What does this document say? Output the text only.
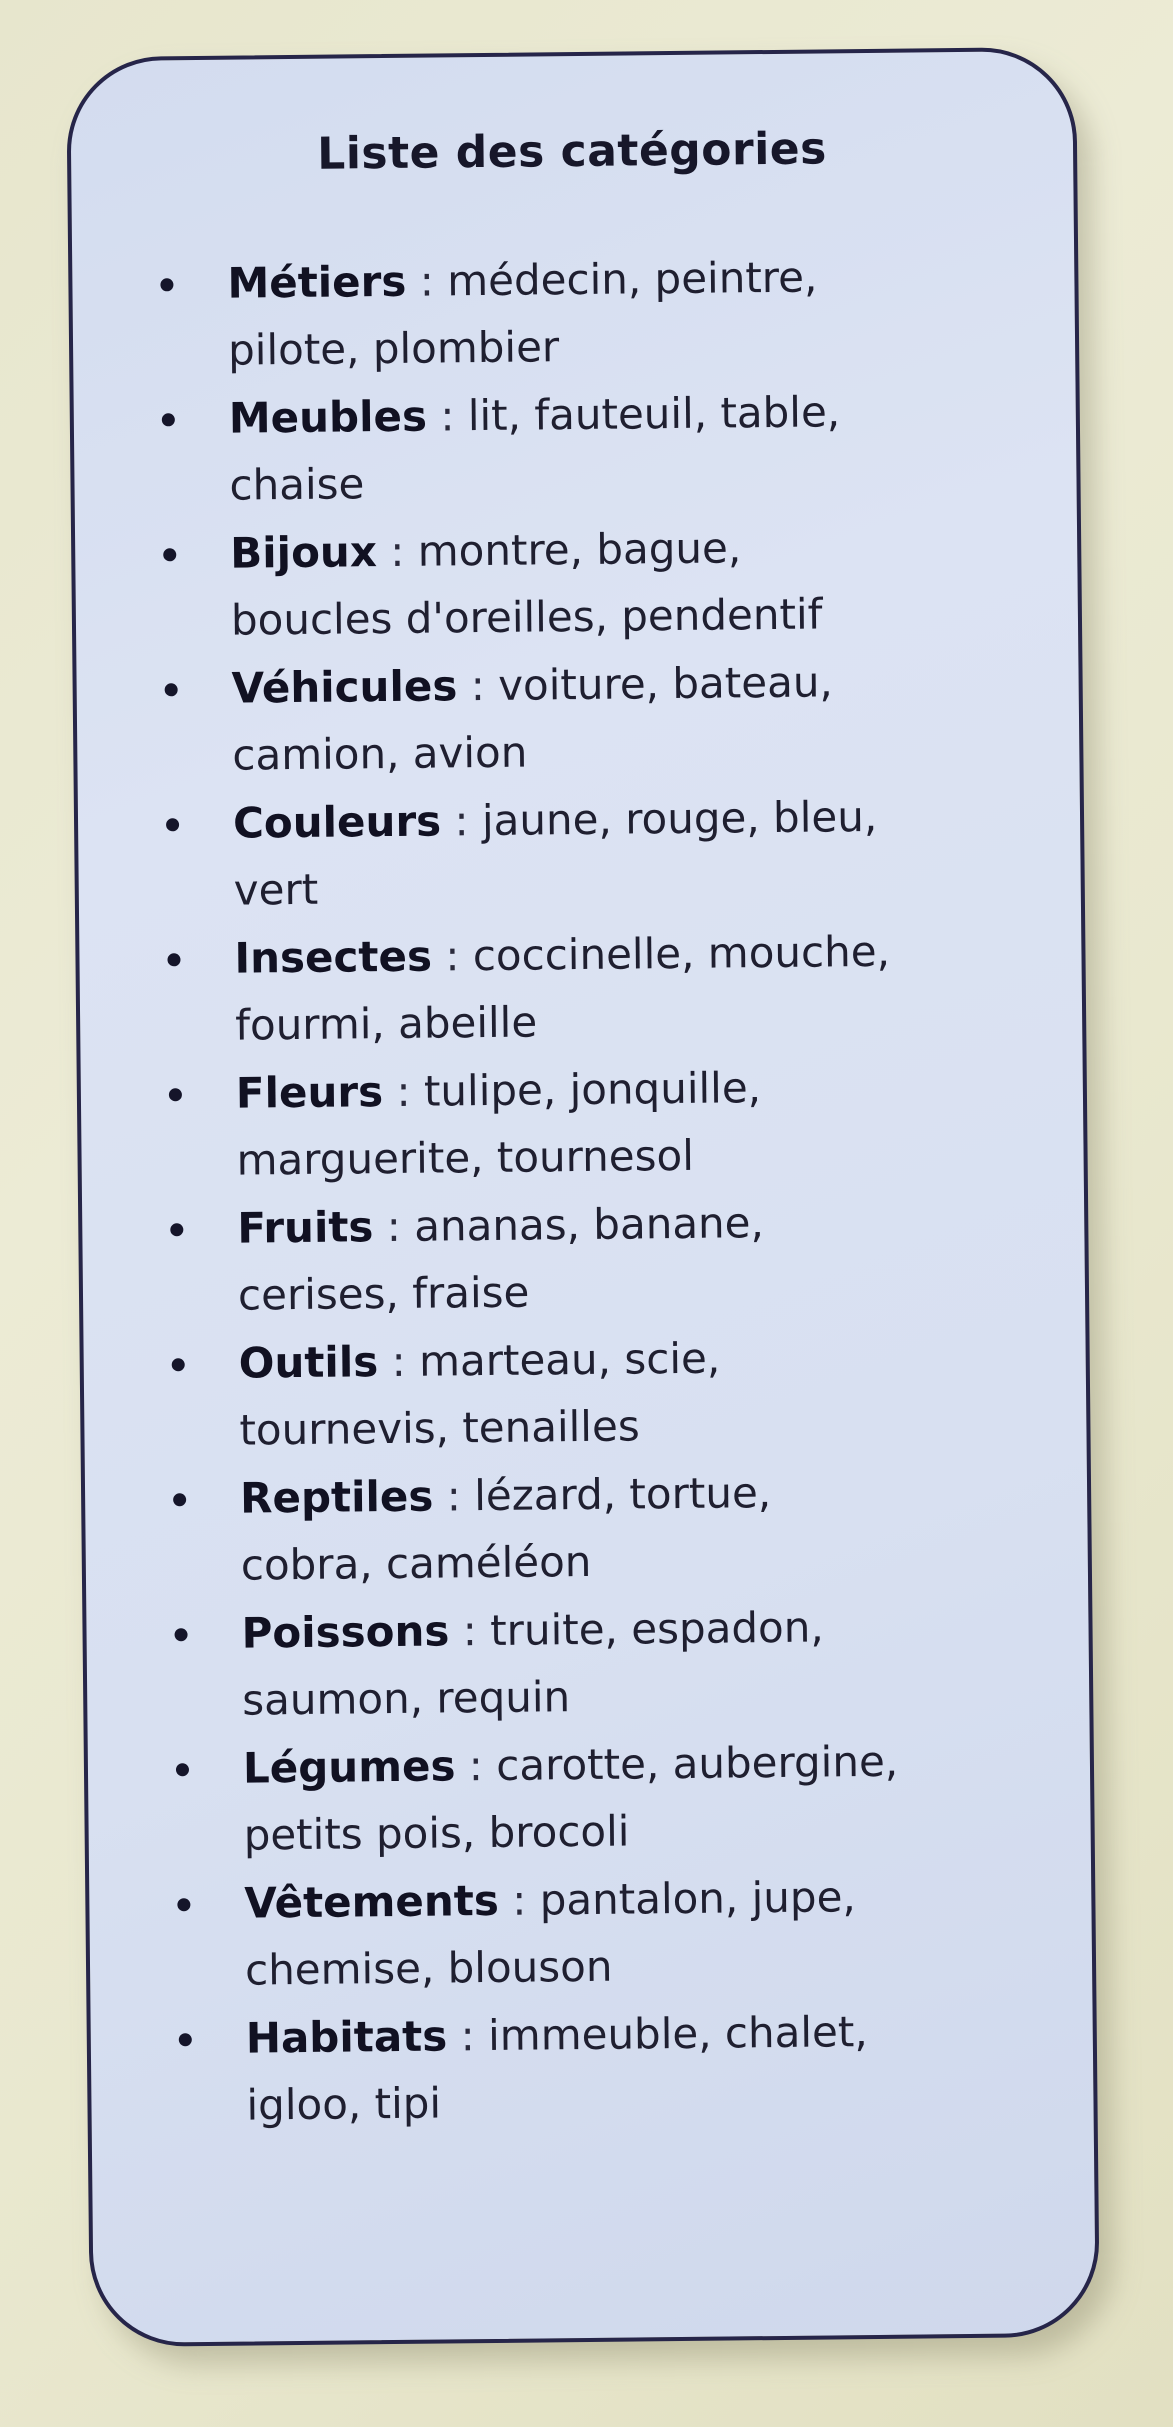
Liste des catégories
Métiers : médecin, peintre,
pilote, plombier
Meubles : lit, fauteuil, table,
chaise
Bijoux : montre, bague,
boucles d'oreilles, pendentif
Véhicules : voiture, bateau,
camion, avion
Couleurs : jaune, rouge, bleu,
vert
Insectes : coccinelle, mouche,
fourmi, abeille
Fleurs : tulipe, jonquille,
marguerite, tournesol
Fruits : ananas, banane,
cerises, fraise
Outils : marteau, scie,
tournevis, tenailles
Reptiles : lézard, tortue,
cobra, caméléon
Poissons : truite, espadon,
saumon, requin
Légumes : carotte, aubergine,
petits pois, brocoli
Vêtements : pantalon, jupe,
chemise, blouson
Habitats : immeuble, chalet,
igloo, tipi
